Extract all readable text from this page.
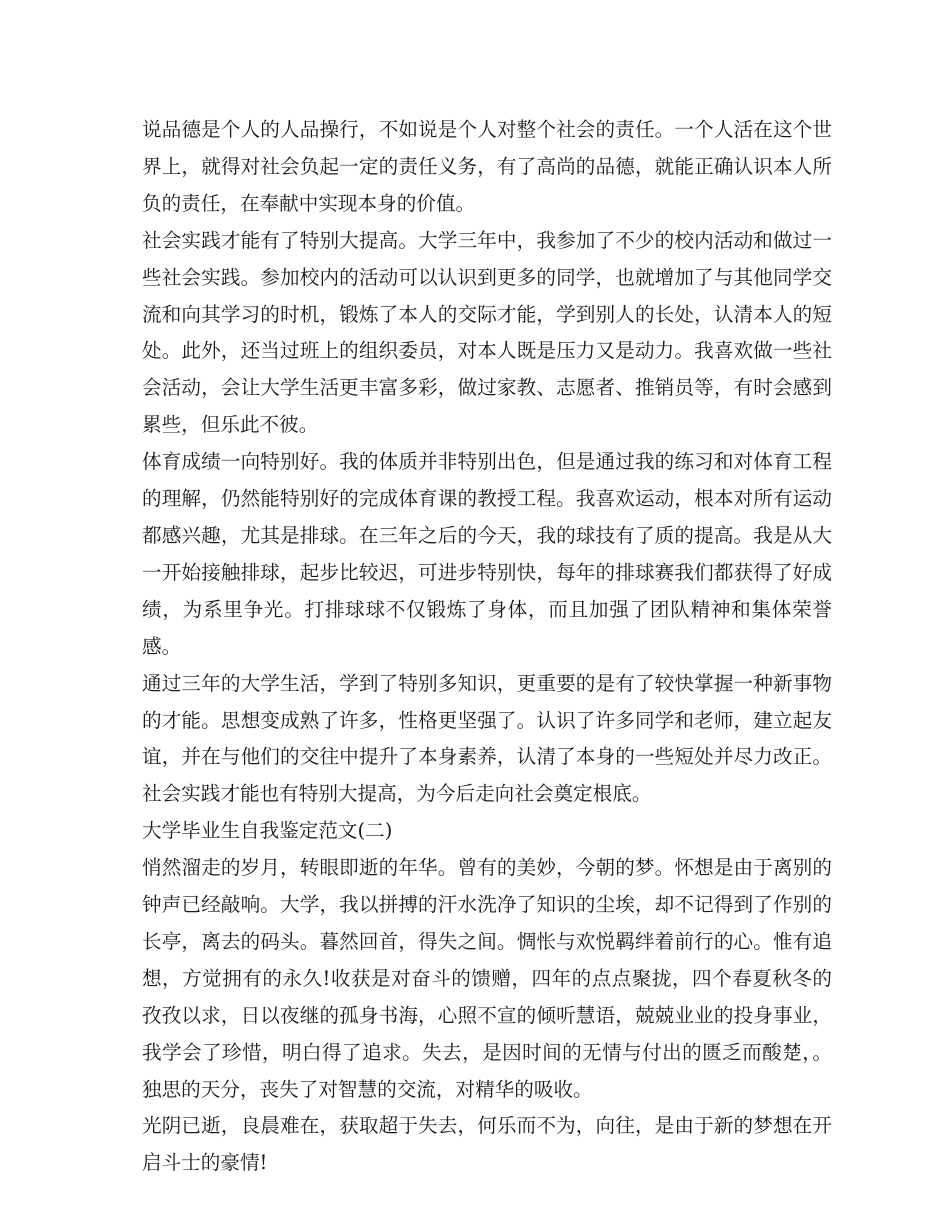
说品德是个人的人品操行，不如说是个人对整个社会的责任。一个人活在这个世界上，就得对社会负起一定的责任义务，有了高尚的品德，就能正确认识本人所负的责任，在奉献中实现本身的价值。

社会实践才能有了特别大提高。大学三年中，我参加了不少的校内活动和做过一些社会实践。参加校内的活动可以认识到更多的同学，也就增加了与其他同学交流和向其学习的时机，锻炼了本人的交际才能，学到别人的长处，认清本人的短处。此外，还当过班上的组织委员，对本人既是压力又是动力。我喜欢做一些社会活动，会让大学生活更丰富多彩，做过家教、志愿者、推销员等，有时会感到累些，但乐此不彼。

体育成绩一向特别好。我的体质并非特别出色，但是通过我的练习和对体育工程的理解，仍然能特别好的完成体育课的教授工程。我喜欢运动，根本对所有运动都感兴趣，尤其是排球。在三年之后的今天，我的球技有了质的提高。我是从大一开始接触排球，起步比较迟，可进步特别快，每年的排球赛我们都获得了好成绩，为系里争光。打排球球不仅锻炼了身体，而且加强了团队精神和集体荣誉感。

通过三年的大学生活，学到了特别多知识，更重要的是有了较快掌握一种新事物的才能。思想变成熟了许多，性格更坚强了。认识了许多同学和老师，建立起友谊，并在与他们的交往中提升了本身素养，认清了本身的一些短处并尽力改正。社会实践才能也有特别大提高，为今后走向社会奠定根底。

大学毕业生自我鉴定范文(二)

悄然溜走的岁月，转眼即逝的年华。曾有的美妙，今朝的梦。怀想是由于离别的钟声已经敲响。大学，我以拼搏的汗水洗净了知识的尘埃，却不记得到了作别的长亭，离去的码头。暮然回首，得失之间。惆怅与欢悦羁绊着前行的心。惟有追想，方觉拥有的永久!收获是对奋斗的馈赠，四年的点点聚拢，四个春夏秋冬的孜孜以求，日以夜继的孤身书海，心照不宣的倾听慧语，兢兢业业的投身事业，我学会了珍惜，明白得了追求。失去，是因时间的无情与付出的匮乏而酸楚，。独思的天分，丧失了对智慧的交流，对精华的吸收。

光阴已逝，良晨难在，获取超于失去，何乐而不为，向往，是由于新的梦想在开启斗士的豪情!
